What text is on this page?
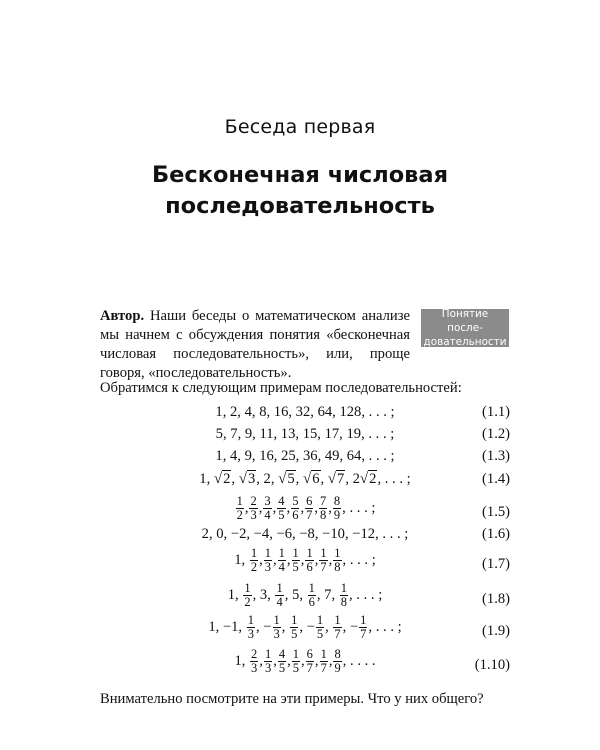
Беседа первая
Бесконечная числовая
последовательность
Автор. Наши беседы о математическом анализе мы начнем с обсуждения понятия «бесконечная числовая последовательность», или, проще говоря, «последовательность».
Понятие после-
довательности
Обратимся к следующим примерам последовательностей:
1, 2, 4, 8, 16, 32, 64, 128, . . . ;	(1.1)
5, 7, 9, 11, 13, 15, 17, 19, . . . ;	(1.2)
1, 4, 9, 16, 25, 36, 49, 64, . . . ;	(1.3)
1, √2, √3, 2, √5, √6, √7, 2√2, . . . ;	(1.4)
$\frac{1}{2}$ , $\frac{2}{3}$ , $\frac{3}{4}$ , $\frac{4}{5}$ , $\frac{5}{6}$ , $\frac{6}{7}$ , $\frac{7}{8}$ , $\frac{8}{9}$ , . . . ;	(1.5)
2, 0, −2, −4, −6, −8, −10, −12, . . . ;	(1.6)
1, $\frac{1}{2}$ , $\frac{1}{3}$ , $\frac{1}{4}$ , $\frac{1}{5}$ , $\frac{1}{6}$ , $\frac{1}{7}$ , $\frac{1}{8}$ , . . . ;	(1.7)
1, $\frac{1}{2}$ , 3, $\frac{1}{4}$ , 5, $\frac{1}{6}$ , 7, $\frac{1}{8}$ , . . . ;	(1.8)
1, −1, $\frac{1}{3}$ , − $\frac{1}{3}$ , $\frac{1}{5}$ , − $\frac{1}{5}$ , $\frac{1}{7}$ , − $\frac{1}{7}$ , . . . ;	(1.9)
1, $\frac{2}{3}$ , $\frac{1}{3}$ , $\frac{4}{5}$ , $\frac{1}{5}$ , $\frac{6}{7}$ , $\frac{1}{7}$ , $\frac{8}{9}$ , . . . .	(1.10)
Внимательно посмотрите на эти примеры. Что у них общего?
